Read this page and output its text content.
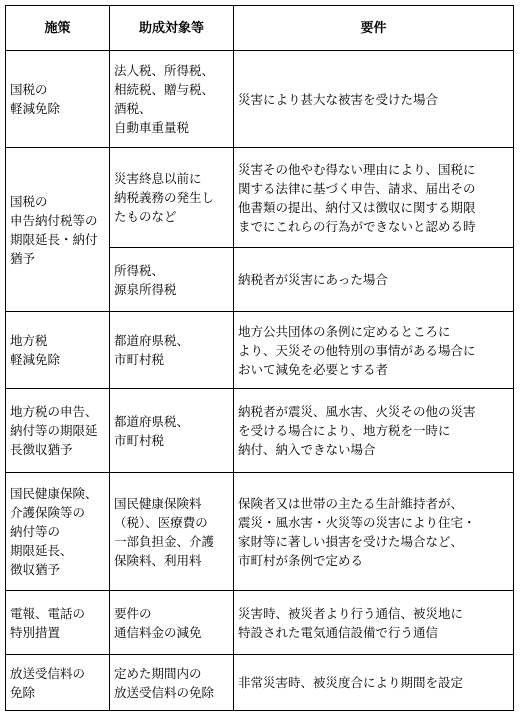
施策	助成対象等	要件

国税の
軽減免除	法人税、所得税、
相続税、贈与税、
酒税、
自動車重量税	災害により甚大な被害を受けた場合

国税の
申告納付税等の
期限延長・納付
猶予	災害終息以前に
納税義務の発生し
たものなど	災害その他やむ得ない理由により、国税に
関する法律に基づく申告、請求、届出その
他書類の提出、納付又は徴収に関する期限
までにこれらの行為ができないと認める時

	所得税、
源泉所得税	納税者が災害にあった場合

地方税
軽減免除	都道府県税、
市町村税	地方公共団体の条例に定めるところに
より、天災その他特別の事情がある場合に
おいて減免を必要とする者

地方税の申告、
納付等の期限延
長徴収猶予	都道府県税、
市町村税	納税者が震災、風水害、火災その他の災害
を受ける場合により、地方税を一時に
納付、納入できない場合

国民健康保険、
介護保険等の
納付等の
期限延長、
徴収猶予	国民健康保険料
（税）、医療費の
一部負担金、介護
保険料、利用料	保険者又は世帯の主たる生計維持者が、
震災・風水害・火災等の災害により住宅・
家財等に著しい損害を受けた場合など、
市町村が条例で定める

電報、電話の
特別措置	要件の
通信料金の減免	災害時、被災者より行う通信、被災地に
特設された電気通信設備で行う通信

放送受信料の
免除	定めた期間内の
放送受信料の免除	非常災害時、被災度合により期間を設定
